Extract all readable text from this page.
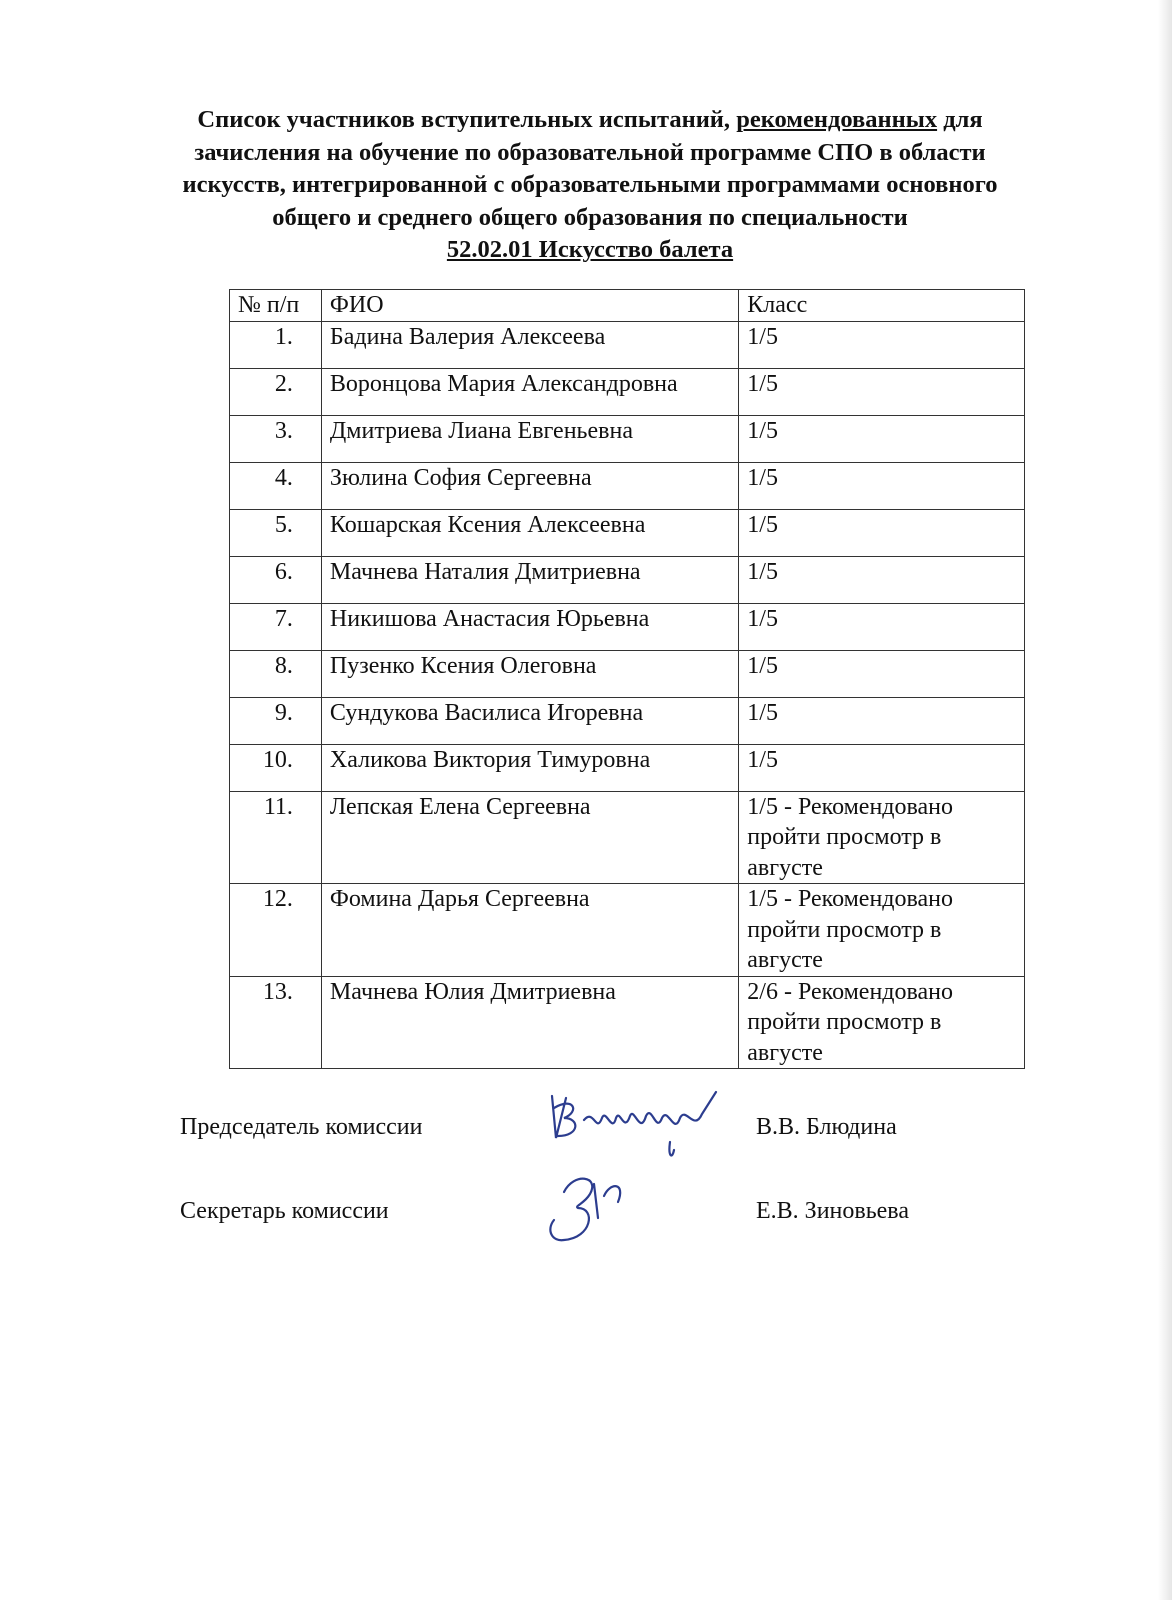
Список участников вступительных испытаний, рекомендованных для зачисления на обучение по образовательной программе СПО в области искусств, интегрированной с образовательными программами основного общего и среднего общего образования по специальности
52.02.01 Искусство балета
№ п/п	ФИО	Класс
1.	Бадина Валерия Алексеева	1/5
2.	Воронцова Мария Александровна	1/5
3.	Дмитриева Лиана Евгеньевна	1/5
4.	Зюлина София Сергеевна	1/5
5.	Кошарская Ксения Алексеевна	1/5
6.	Мачнева Наталия Дмитриевна	1/5
7.	Никишова Анастасия Юрьевна	1/5
8.	Пузенко Ксения Олеговна	1/5
9.	Сундукова Василиса Игоревна	1/5
10.	Халикова Виктория Тимуровна	1/5
11.	Лепская Елена Сергеевна	1/5 - Рекомендовано пройти просмотр в августе
12.	Фомина Дарья Сергеевна	1/5 - Рекомендовано пройти просмотр в августе
13.	Мачнева Юлия Дмитриевна	2/6 - Рекомендовано пройти просмотр в августе
Председатель комиссии	В.В. Блюдина
Секретарь комиссии	Е.В. Зиновьева
